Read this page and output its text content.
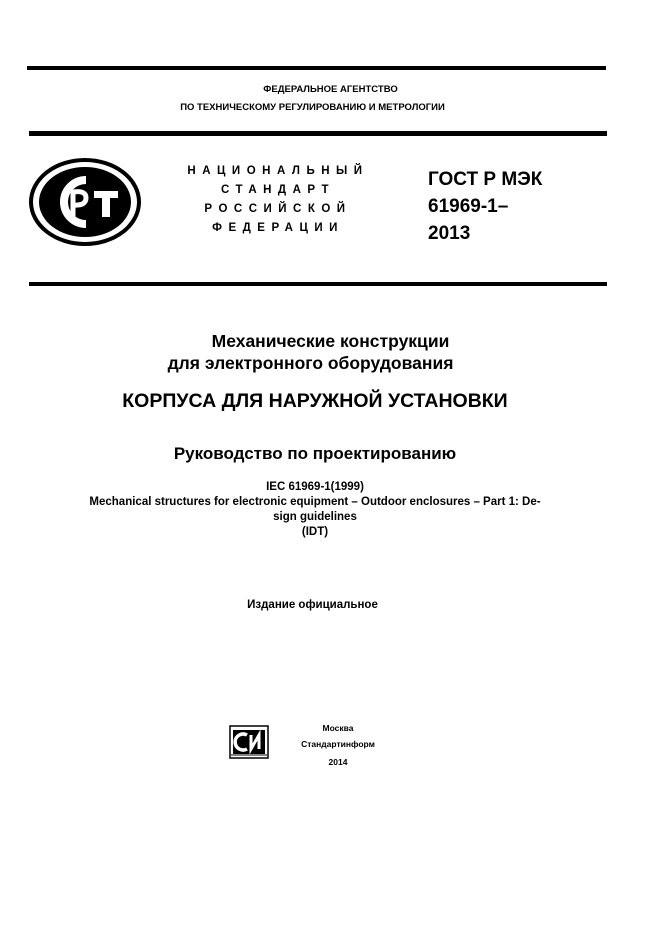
ФЕДЕРАЛЬНОЕ АГЕНТСТВО
ПО ТЕХНИЧЕСКОМУ РЕГУЛИРОВАНИЮ И МЕТРОЛОГИИ
НАЦИОНАЛЬНЫЙ
СТАНДАРТ
РОССИЙСКОЙ
ФЕДЕРАЦИИ
ГОСТ Р МЭК
61969-1–
2013
Механические конструкции
для электронного оборудования
КОРПУСА ДЛЯ НАРУЖНОЙ УСТАНОВКИ
Руководство по проектированию
IEC 61969-1(1999)
Mechanical structures for electronic equipment – Outdoor enclosures – Part 1: De-
sign guidelines
(IDT)
Издание официальное
Москва
Стандартинформ
2014
